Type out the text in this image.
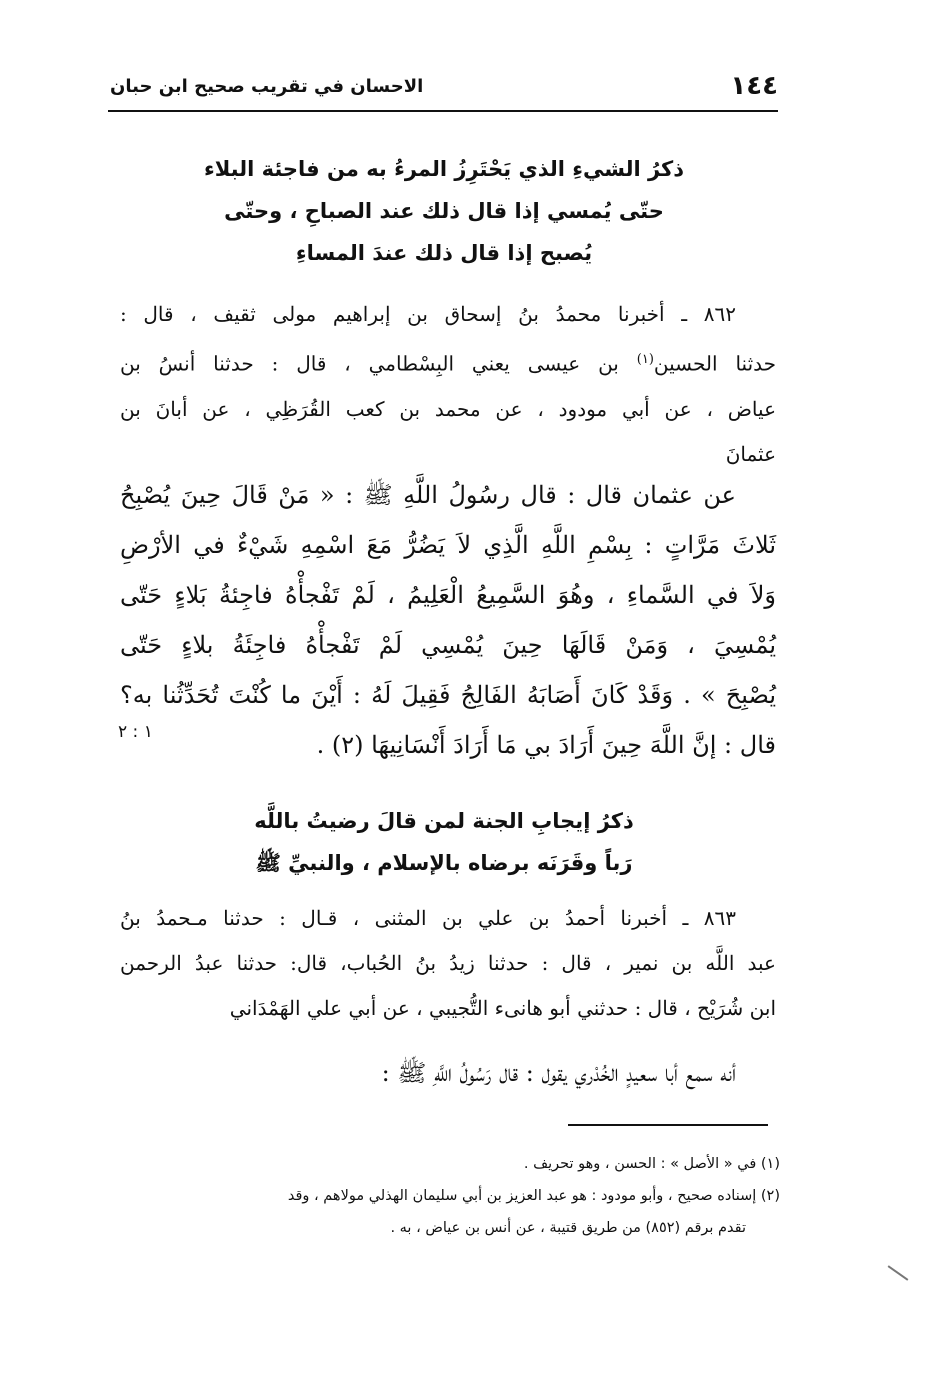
١٤٤
الاحسان في تقريب صحيح ابن حبان
ذكرُ الشيءِ الذي يَحْتَرِزُ المرءُ به من فاجئة البلاء
حتّى يُمسي إذا قال ذلك عند الصباحِ ، وحتّى
يُصبح إذا قال ذلك عندَ المساءِ
٨٦٢ ـ أخبرنا محمدُ بنُ إسحاق بن إبراهيم مولى ثقيف ، قال :
حدثنا الحسين$^{(١)}$ بن عيسى يعني البِسْطامي ، قال : حدثنا أنسُ بن
عياض ، عن أبي مودود ، عن محمد بن كعب القُرَظِي ، عن أبانَ بن
عثمانَ
عن عثمان قال : قال رسُولُ اللَّهِ ﷺ : « مَنْ قَالَ حِينَ يُصْبِحُ
ثَلاثَ مَرَّاتٍ : بِسْمِ اللَّهِ الَّذِي لاَ يَضُرُّ مَعَ اسْمِهِ شَيْءٌ في الأرْضِ
وَلاَ في السَّماءِ ، وهُوَ السَّمِيعُ الْعَلِيمُ ، لَمْ تَفْجأْهُ فاجِئةُ بَلاءٍ حَتّى
يُمْسِيَ ، وَمَنْ قَالَهَا حِينَ يُمْسِي لَمْ تَفْجأْهُ فاجِئَةُ بلاءٍ حَتّى
يُصْبِحَ » . وَقَدْ كَانَ أَصَابَهُ الفَالِجُ فَقِيلَ لَهُ : أَيْنَ ما كُنْتَ تُحَدِّثُنا به؟
قال : إنَّ اللَّهَ حِينَ أَرَادَ بي مَا أَرَادَ أَنْسَانِيهَا (٢) .
١ : ٢
ذكرُ إيجابِ الجنة لمن قالَ رضيتُ باللَّه
رَباً وقَرَنَه برضاه بالإسلام ، والنبيِّ ﷺ
٨٦٣ ـ أخبرنا أحمدُ بن علي بن المثنى ، قـال : حدثنا مـحمدُ بنُ
عبد اللَّه بن نمير ، قال : حدثنا زيدُ بنُ الحُباب، قال: حدثنا عبدُ الرحمن
ابن شُرَيْح ، قال : حدثني أبو هانىء التُّجيبي ، عن أبي علي الهَمْدَاني
أنه سمع أبا سعيدٍ الخُدْري يقول : قال رَسُولُ اللَّهِ ﷺ :
(١) في « الأصل » : الحسن ، وهو تحريف .
(٢) إسناده صحيح ، وأبو مودود : هو عبد العزيز بن أبي سليمان الهذلي مولاهم ، وقد
تقدم برقم (٨٥٢) من طريق قتيبة ، عن أنس بن عياض ، به .
